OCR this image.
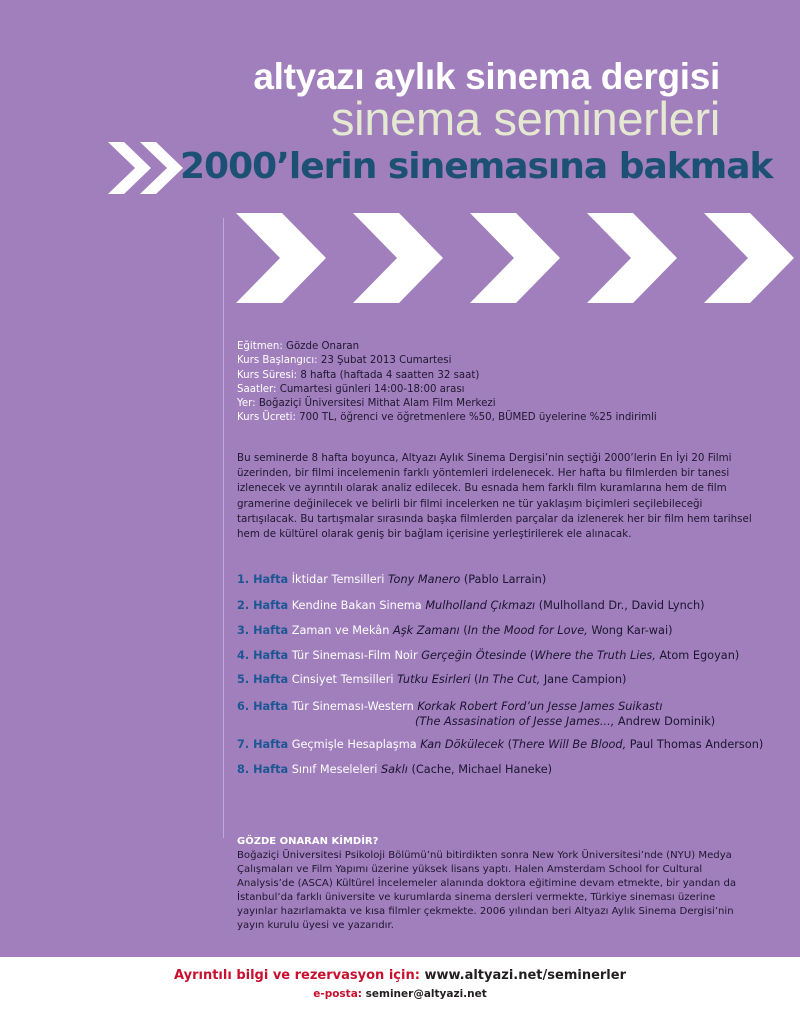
altyazı aylık sinema dergisi
sinema seminerleri
2000’lerin sinemasına bakmak
Eğitmen: Gözde Onaran
Kurs Başlangıcı: 23 Şubat 2013 Cumartesi
Kurs Süresi: 8 hafta (haftada 4 saatten 32 saat)
Saatler: Cumartesi günleri 14:00-18:00 arası
Yer: Boğaziçi Üniversitesi Mithat Alam Film Merkezi
Kurs Ücreti: 700 TL, öğrenci ve öğretmenlere %50, BÜMED üyelerine %25 indirimli
Bu seminerde 8 hafta boyunca, Altyazı Aylık Sinema Dergisi’nin seçtiği 2000’lerin En İyi 20 Filmi üzerinden, bir filmi incelemenin farklı yöntemleri irdelenecek. Her hafta bu filmlerden bir tanesi izlenecek ve ayrıntılı olarak analiz edilecek. Bu esnada hem farklı film kuramlarına hem de film gramerine değinilecek ve belirli bir filmi incelerken ne tür yaklaşım biçimleri seçilebileceği tartışılacak. Bu tartışmalar sırasında başka filmlerden parçalar da izlenerek her bir film hem tarihsel hem de kültürel olarak geniş bir bağlam içerisine yerleştirilerek ele alınacak.
1. Hafta İktidar Temsilleri Tony Manero (Pablo Larrain)
2. Hafta Kendine Bakan Sinema Mulholland Çıkmazı (Mulholland Dr., David Lynch)
3. Hafta Zaman ve Mekân Aşk Zamanı (In the Mood for Love, Wong Kar-wai)
4. Hafta Tür Sineması-Film Noir Gerçeğin Ötesinde (Where the Truth Lies, Atom Egoyan)
5. Hafta Cinsiyet Temsilleri Tutku Esirleri (In The Cut, Jane Campion)
6. Hafta Tür Sineması-Western Korkak Robert Ford’un Jesse James Suikastı
(The Assasination of Jesse James..., Andrew Dominik)
7. Hafta Geçmişle Hesaplaşma Kan Dökülecek (There Will Be Blood, Paul Thomas Anderson)
8. Hafta Sınıf Meseleleri Saklı (Cache, Michael Haneke)
GÖZDE ONARAN KİMDİR?
Boğaziçi Üniversitesi Psikoloji Bölümü’nü bitirdikten sonra New York Üniversitesi’nde (NYU) Medya Çalışmaları ve Film Yapımı üzerine yüksek lisans yaptı. Halen Amsterdam School for Cultural Analysis’de (ASCA) Kültürel İncelemeler alanında doktora eğitimine devam etmekte, bir yandan da İstanbul’da farklı üniversite ve kurumlarda sinema dersleri vermekte, Türkiye sineması üzerine yayınlar hazırlamakta ve kısa filmler çekmekte. 2006 yılından beri Altyazı Aylık Sinema Dergisi’nin yayın kurulu üyesi ve yazarıdır.
Ayrıntılı bilgi ve rezervasyon için: www.altyazi.net/seminerler
e-posta: seminer@altyazi.net
